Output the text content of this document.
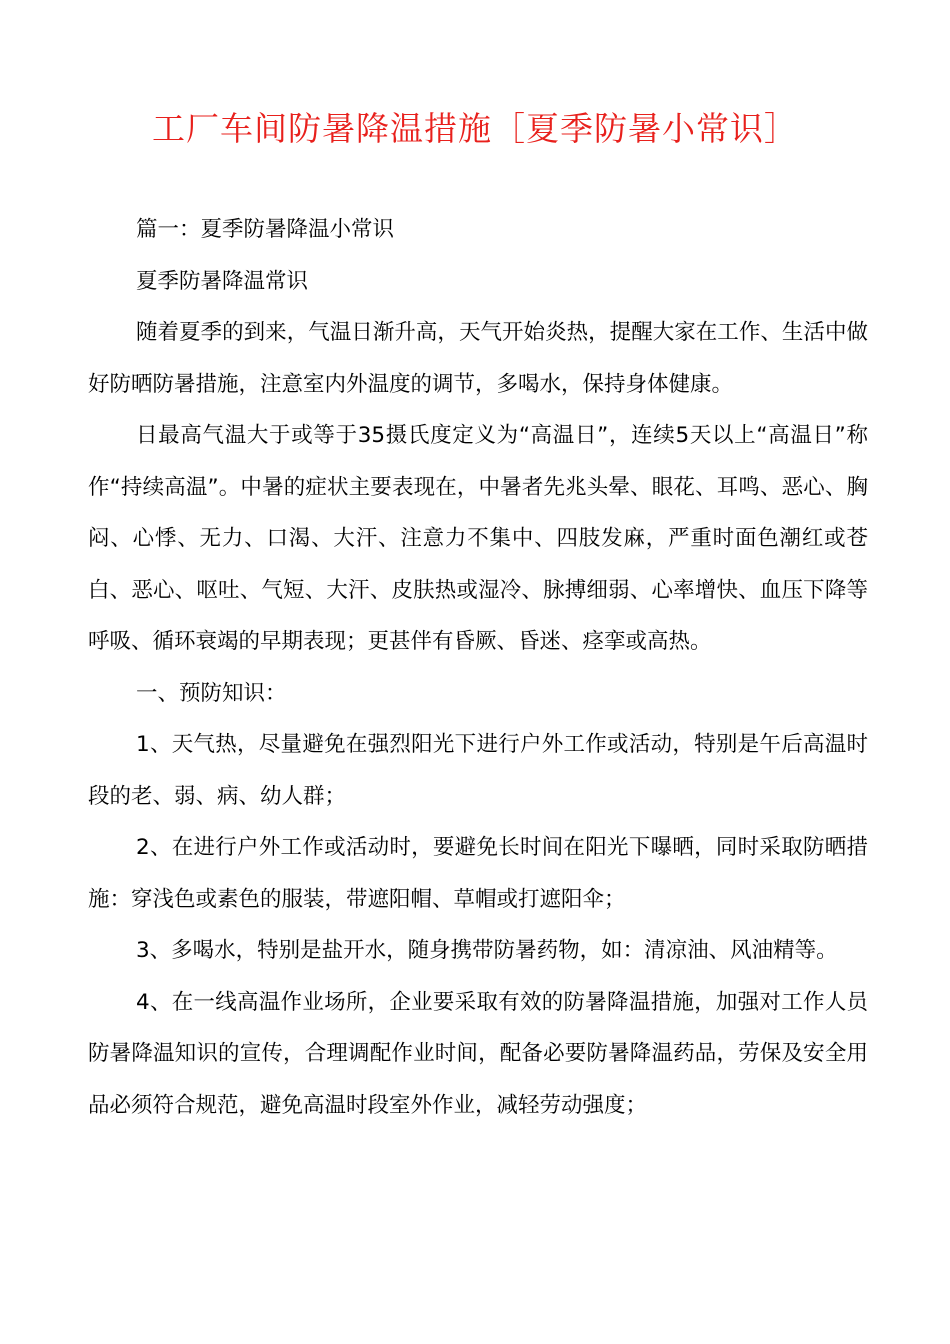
工厂车间防暑降温措施［夏季防暑小常识］

篇一：夏季防暑降温小常识

夏季防暑降温常识

随着夏季的到来，气温日渐升高，天气开始炎热，提醒大家在工作、生活中做好防晒防暑措施，注意室内外温度的调节，多喝水，保持身体健康。

日最高气温大于或等于35摄氏度定义为“高温日”，连续5天以上“高温日”称作“持续高温”。中暑的症状主要表现在，中暑者先兆头晕、眼花、耳鸣、恶心、胸闷、心悸、无力、口渴、大汗、注意力不集中、四肢发麻，严重时面色潮红或苍白、恶心、呕吐、气短、大汗、皮肤热或湿冷、脉搏细弱、心率增快、血压下降等呼吸、循环衰竭的早期表现；更甚伴有昏厥、昏迷、痉挛或高热。

一、预防知识：

1、天气热，尽量避免在强烈阳光下进行户外工作或活动，特别是午后高温时段的老、弱、病、幼人群；

2、在进行户外工作或活动时，要避免长时间在阳光下曝晒，同时采取防晒措施：穿浅色或素色的服装，带遮阳帽、草帽或打遮阳伞；

3、多喝水，特别是盐开水，随身携带防暑药物，如：清凉油、风油精等。

4、在一线高温作业场所，企业要采取有效的防暑降温措施，加强对工作人员防暑降温知识的宣传，合理调配作业时间，配备必要防暑降温药品，劳保及安全用品必须符合规范，避免高温时段室外作业，减轻劳动强度；
